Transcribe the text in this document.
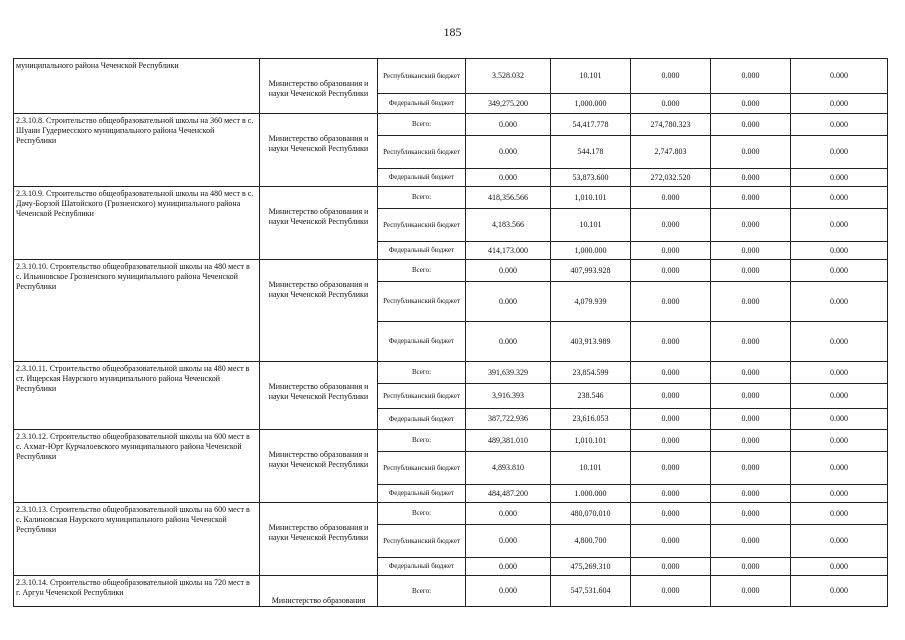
185
муниципального района Чеченской Республики	Министерство образования и науки Чеченской Республики	Республиканский бюджет	3.528.032	10.101	0.000	0.000	0.000
		Федеральный бюджет	349,275.200	1,000.000	0.000	0.000	0.000
2.3.10.8. Строительство общеобразовательной школы на 360 мест в с. Шуани Гудермесского муниципального района Чеченской Республики	Министерство образования и науки Чеченской Республики	Всего:	0.000	54,417.778	274,780.323	0.000	0.000
		Республиканский бюджет	0.000	544.178	2,747.803	0.000	0.000
		Федеральный бюджет	0.000	53,873.600	272,032.520	0.000	0.000
2.3.10.9. Строительство общеобразовательной школы на 480 мест в с. Дачу-Борзой Шатойского (Грозненского) муниципального района Чеченской Республики	Министерство образования и науки Чеченской Республики	Всего:	418,356.566	1,010.101	0.000	0.000	0.000
		Республиканский бюджет	4,183.566	10.101	0.000	0.000	0.000
		Федеральный бюджет	414,173.000	1,000.000	0.000	0.000	0.000
2.3.10.10. Строительство общеобразовательной школы на 480 мест в с. Ильиновское Грозненского муниципального района Чеченской Республики	Министерство образования и науки Чеченской Республики	Всего:	0.000	407,993.928	0.000	0.000	0.000
		Республиканский бюджет	0.000	4,079.939	0.000	0.000	0.000
		Федеральный бюджет	0.000	403,913.989	0.000	0.000	0.000
2.3.10.11. Строительство общеобразовательной школы на 480 мест в ст. Ищерская Наурского муниципального района Чеченской Республики	Министерство образования и науки Чеченской Республики	Всего:	391,639.329	23,854.599	0.000	0.000	0.000
		Республиканский бюджет	3,916.393	238.546	0.000	0.000	0.000
		Федеральный бюджет	387,722.936	23,616.053	0.000	0.000	0.000
2.3.10.12. Строительство общеобразовательной школы на 600 мест в с. Ахмат-Юрт Курчалоевского муниципального района Чеченской Республики	Министерство образования и науки Чеченской Республики	Всего:	489,381.010	1,010.101	0.000	0.000	0.000
		Республиканский бюджет	4,893.810	10.101	0.000	0.000	0.000
		Федеральный бюджет	484,487.200	1.000.000	0.000	0.000	0.000
2.3.10.13. Строительство общеобразовательной школы на 600 мест в с. Калиновская Наурского муниципального района Чеченской Республики	Министерство образования и науки Чеченской Республики	Всего:	0.000	480,070.010	0.000	0.000	0.000
		Республиканский бюджет	0.000	4,800.700	0.000	0.000	0.000
		Федеральный бюджет	0.000	475,269.310	0.000	0.000	0.000
2.3.10.14. Строительство общеобразовательной школы на 720 мест в г. Аргун Чеченской Республики	Министерство образования	Всего:	0.000	547,531.604	0.000	0.000	0.000
